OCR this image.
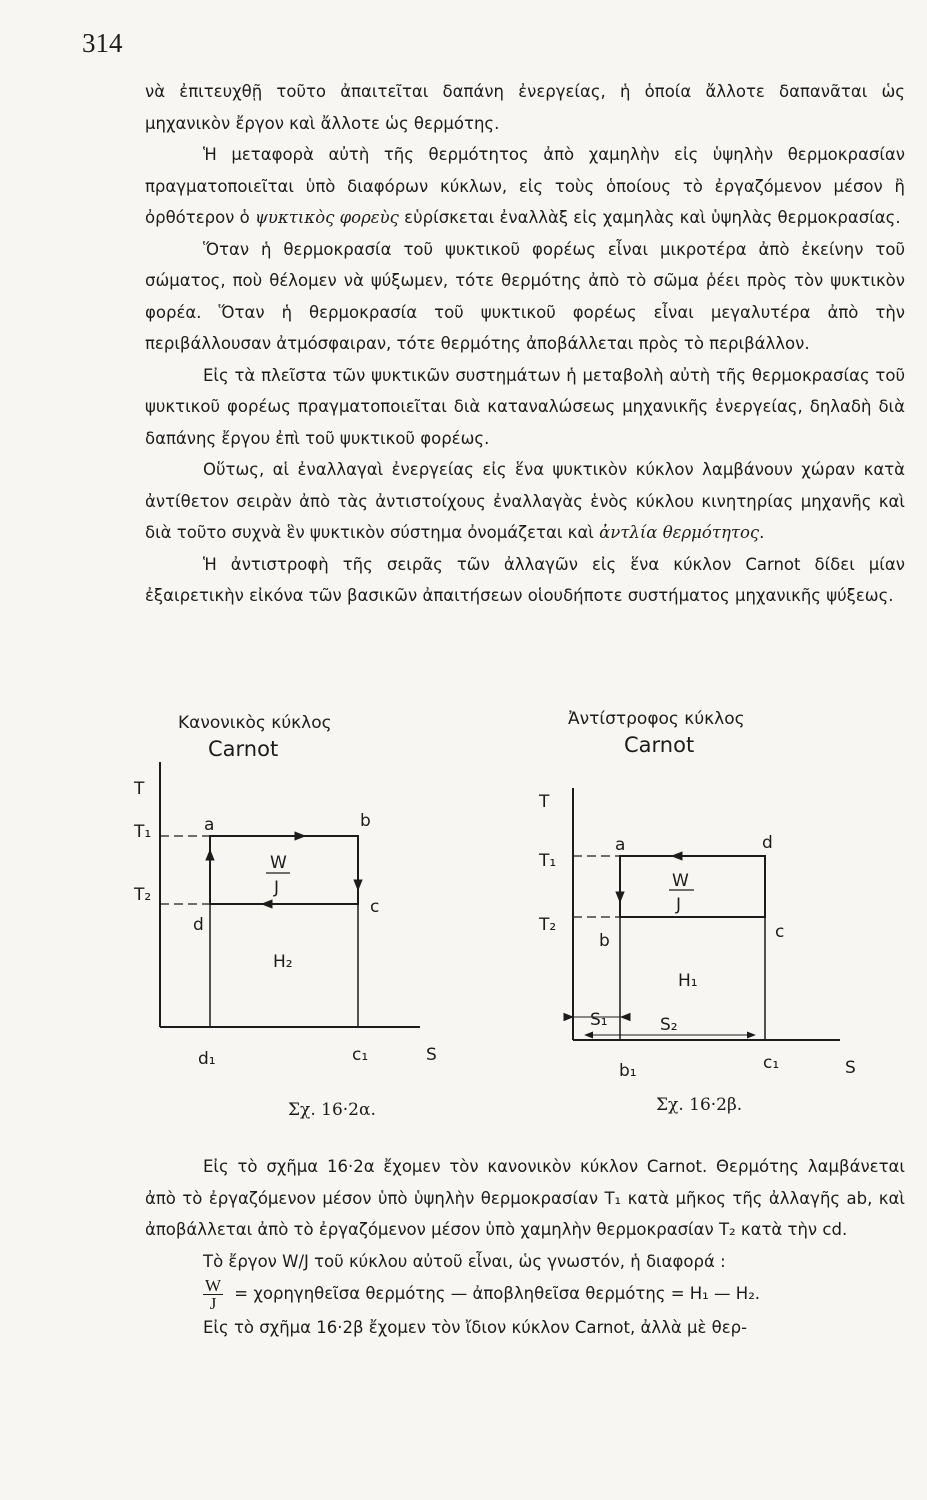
314

νὰ ἐπιτευχθῇ τοῦτο ἀπαιτεῖται δαπάνη ἐνεργείας, ἡ ὁποία ἄλλοτε δαπανᾶται ὡς μηχανικὸν ἔργον καὶ ἄλλοτε ὡς θερμότης.

Ἡ μεταφορὰ αὐτὴ τῆς θερμότητος ἀπὸ χαμηλὴν εἰς ὑψηλὴν θερμοκρασίαν πραγματοποιεῖται ὑπὸ διαφόρων κύκλων, εἰς τοὺς ὁποίους τὸ ἐργαζόμενον μέσον ἢ ὀρθότερον ὁ ψυκτικὸς φορεὺς εὑρίσκεται ἐναλλὰξ εἰς χαμηλὰς καὶ ὑψηλὰς θερμοκρασίας.

Ὅταν ἡ θερμοκρασία τοῦ ψυκτικοῦ φορέως εἶναι μικροτέρα ἀπὸ ἐκείνην τοῦ σώματος, ποὺ θέλομεν νὰ ψύξωμεν, τότε θερμότης ἀπὸ τὸ σῶμα ῥέει πρὸς τὸν ψυκτικὸν φορέα. Ὅταν ἡ θερμοκρασία τοῦ ψυκτικοῦ φορέως εἶναι μεγαλυτέρα ἀπὸ τὴν περιβάλλουσαν ἀτμόσφαιραν, τότε θερμότης ἀποβάλλεται πρὸς τὸ περιβάλλον.

Εἰς τὰ πλεῖστα τῶν ψυκτικῶν συστημάτων ἡ μεταβολὴ αὐτὴ τῆς θερμοκρασίας τοῦ ψυκτικοῦ φορέως πραγματοποιεῖται διὰ καταναλώσεως μηχανικῆς ἐνεργείας, δηλαδὴ διὰ δαπάνης ἔργου ἐπὶ τοῦ ψυκτικοῦ φορέως.

Οὕτως, αἱ ἐναλλαγαὶ ἐνεργείας εἰς ἕνα ψυκτικὸν κύκλον λαμβάνουν χώραν κατὰ ἀντίθετον σειρὰν ἀπὸ τὰς ἀντιστοίχους ἐναλλαγὰς ἑνὸς κύκλου κινητηρίας μηχανῆς καὶ διὰ τοῦτο συχνὰ ἓν ψυκτικὸν σύστημα ὀνομάζεται καὶ ἀντλία θερμότητος.

Ἡ ἀντιστροφὴ τῆς σειρᾶς τῶν ἀλλαγῶν εἰς ἕνα κύκλον Carnot δίδει μίαν ἐξαιρετικὴν εἰκόνα τῶν βασικῶν ἀπαιτήσεων οἱουδήποτε συστήματος μηχανικῆς ψύξεως.

Κανονικὸς κύκλος
Carnot
T
S
T₁
T₂
a	b
c
d
W
J
H₂
d₁	c₁
Σχ. 16·2α.
Ἀντίστροφος κύκλος
Carnot
T
S
T₁
T₂
a	d
c
b
W
J
H₁
S₁	S₂
b₁	c₁
Σχ. 16·2β.

Εἰς τὸ σχῆμα 16·2α ἔχομεν τὸν κανονικὸν κύκλον Carnot. Θερμότης λαμβάνεται ἀπὸ τὸ ἐργαζόμενον μέσον ὑπὸ ὑψηλὴν θερμοκρασίαν T₁ κατὰ μῆκος τῆς ἀλλαγῆς ab, καὶ ἀποβάλλεται ἀπὸ τὸ ἐργαζόμενον μέσον ὑπὸ χαμηλὴν θερμοκρασίαν T₂ κατὰ τὴν cd.

Τὸ ἔργον W/J τοῦ κύκλου αὐτοῦ εἶναι, ὡς γνωστόν, ἡ διαφορά :

$\frac{W}{J}$ = χορηγηθεῖσα θερμότης — ἀποβληθεῖσα θερμότης = H₁ — H₂.

Εἰς τὸ σχῆμα 16·2β ἔχομεν τὸν ἴδιον κύκλον Carnot, ἀλλὰ μὲ θερ-
